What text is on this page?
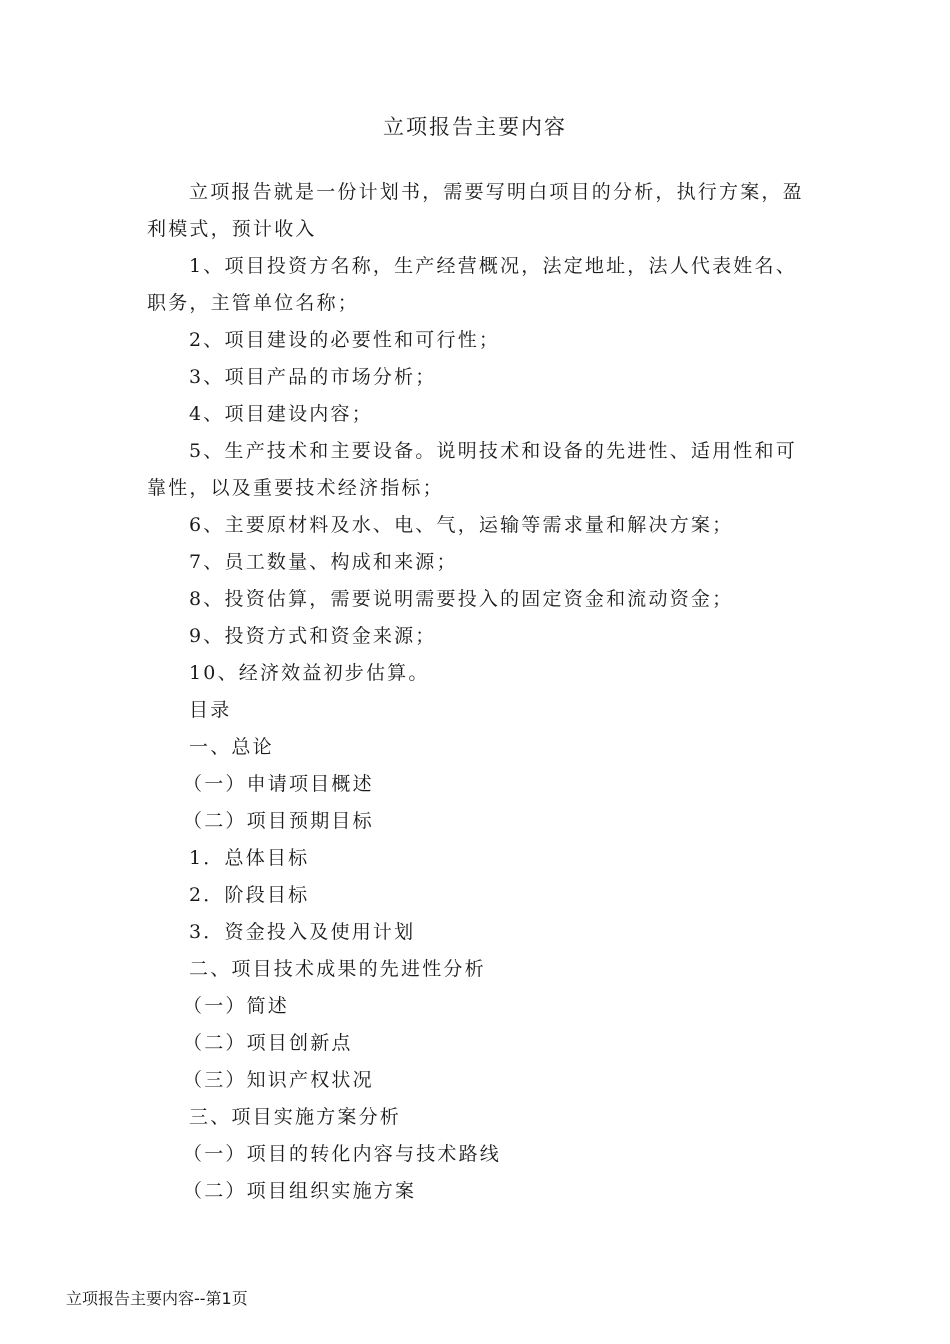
立项报告主要内容

立项报告就是一份计划书，需要写明白项目的分析，执行方案，盈利模式，预计收入

1、项目投资方名称，生产经营概况，法定地址，法人代表姓名、职务，主管单位名称；

2、项目建设的必要性和可行性；

3、项目产品的市场分析；

4、项目建设内容；

5、生产技术和主要设备。说明技术和设备的先进性、适用性和可靠性，以及重要技术经济指标；

6、主要原材料及水、电、气，运输等需求量和解决方案；

7、员工数量、构成和来源；

8、投资估算，需要说明需要投入的固定资金和流动资金；

9、投资方式和资金来源；

10、经济效益初步估算。

目录

一、总论

（一）申请项目概述

（二）项目预期目标

1．总体目标

2．阶段目标

3．资金投入及使用计划

二、项目技术成果的先进性分析

（一）简述

（二）项目创新点

（三）知识产权状况

三、项目实施方案分析

（一）项目的转化内容与技术路线

（二）项目组织实施方案

立项报告主要内容--第1页
